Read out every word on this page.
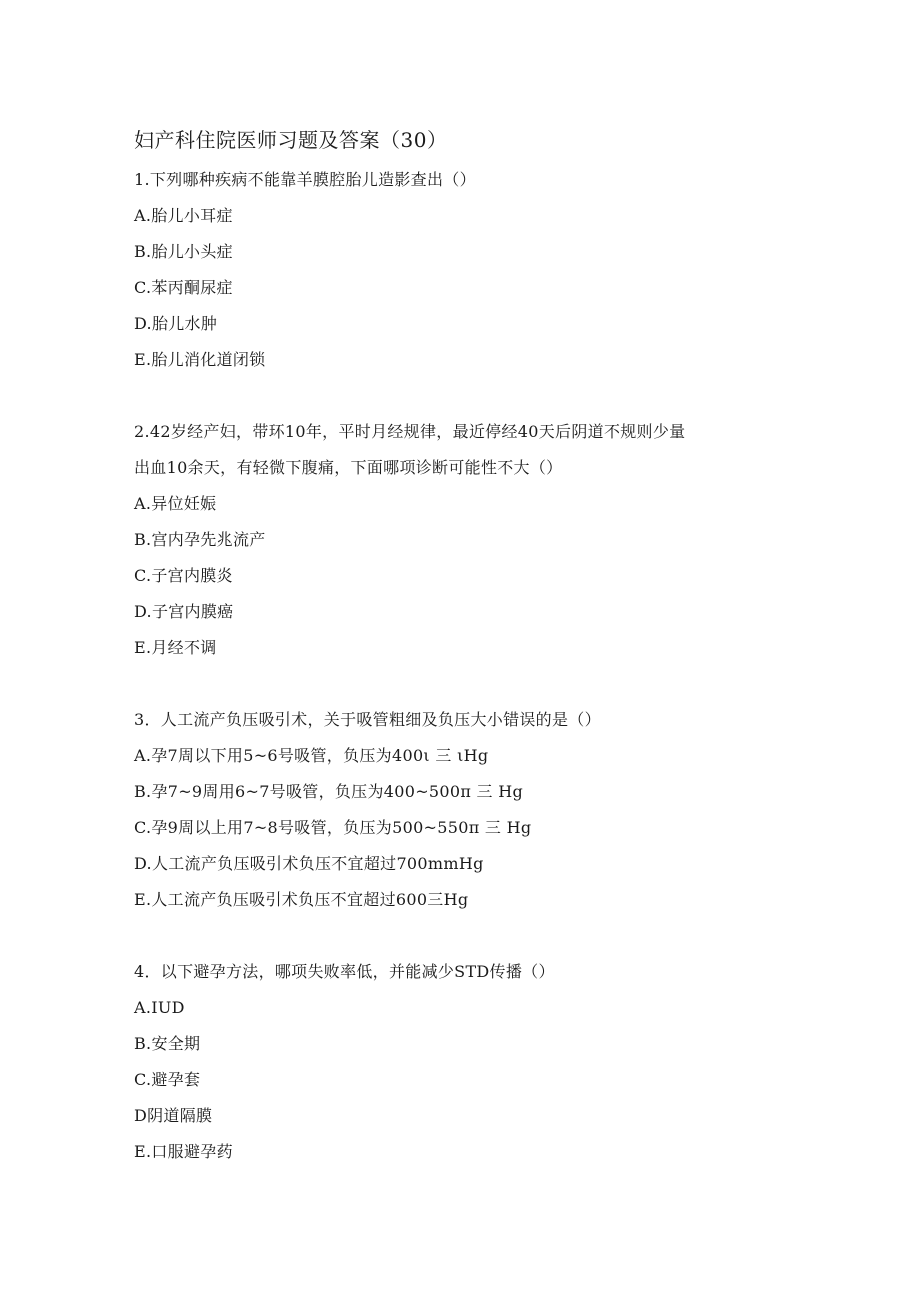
妇产科住院医师习题及答案（30）
1.下列哪种疾病不能靠羊膜腔胎儿造影查出（）
A.胎儿小耳症
B.胎儿小头症
C.苯丙酮尿症
D.胎儿水肿
E.胎儿消化道闭锁
2.42岁经产妇，带环10年，平时月经规律，最近停经40天后阴道不规则少量
出血10余天，有轻微下腹痛，下面哪项诊断可能性不大（）
A.异位妊娠
B.宫内孕先兆流产
C.子宫内膜炎
D.子宫内膜癌
E.月经不调
3．人工流产负压吸引术，关于吸管粗细及负压大小错误的是（）
A.孕7周以下用5~6号吸管，负压为400ι 三 ιHg
B.孕7~9周用6~7号吸管，负压为400~500π 三 Hg
C.孕9周以上用7~8号吸管，负压为500~550π 三 Hg
D.人工流产负压吸引术负压不宜超过700mmHg
E.人工流产负压吸引术负压不宜超过600三Hg
4．以下避孕方法，哪项失败率低，并能减少STD传播（）
A.IUD
B.安全期
C.避孕套
D阴道隔膜
E.口服避孕药
